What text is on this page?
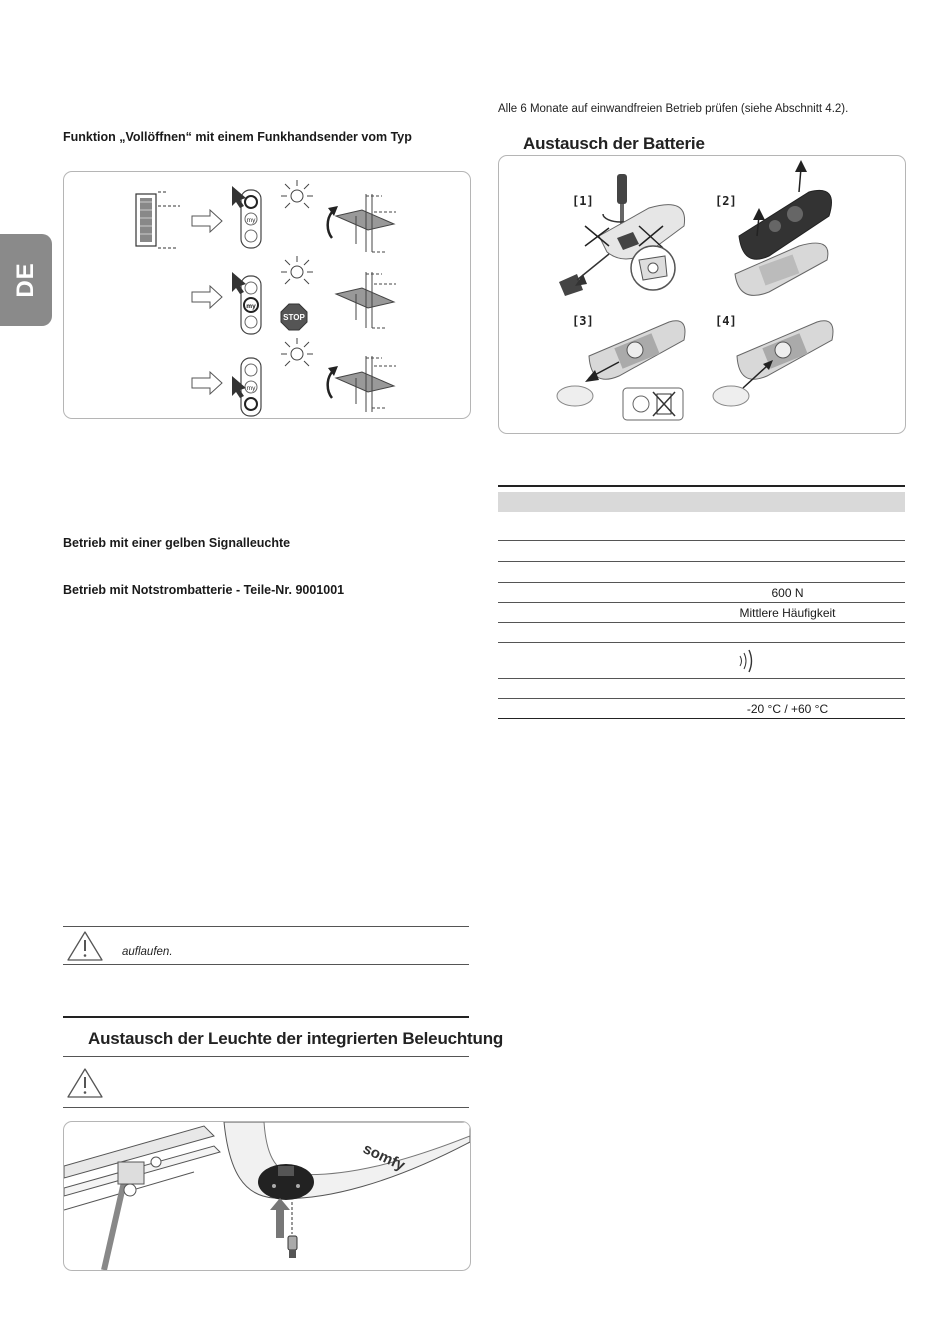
Alle 6 Monate auf einwandfreien Betrieb prüfen (siehe Abschnitt 4.2).
DE
Funktion „Vollöffnen“ mit einem Funkhandsender vom Typ
my
my
my
STOP
Betrieb mit einer gelben Signalleuchte
Betrieb mit Notstrombatterie - Teile-Nr. 9001001
auflaufen.
Austausch der Leuchte der integrierten Beleuchtung
somfy
Austausch der Batterie
[1]	[2]
[3]	[4]
600 N
Mittlere Häufigkeit
-20 °C / +60 °C
